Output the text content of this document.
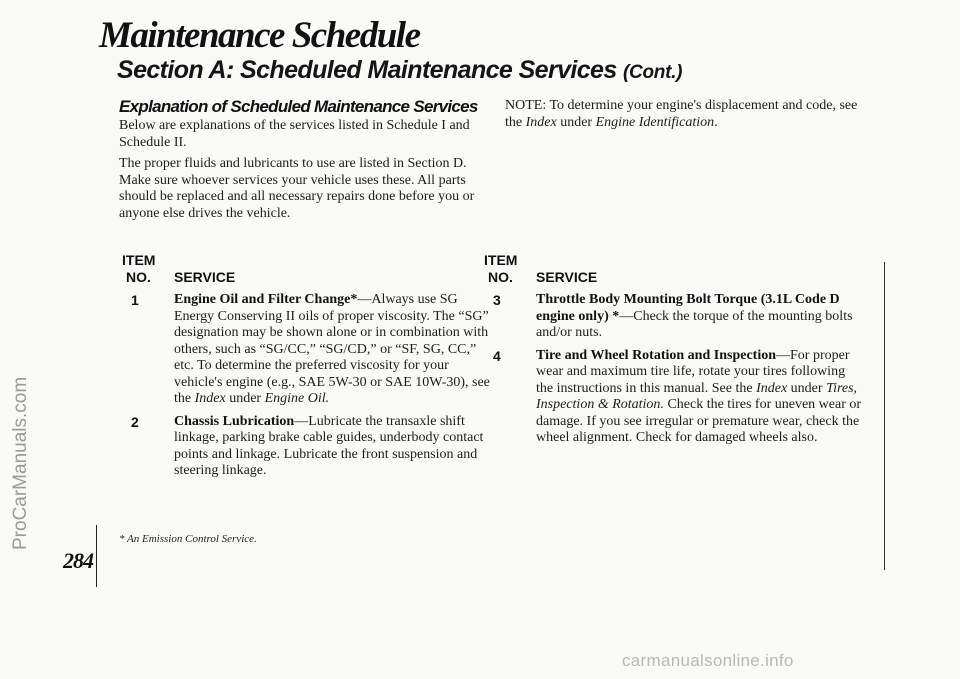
ProCarManuals.com
Maintenance Schedule
Section A: Scheduled Maintenance Services (Cont.)
Explanation of Scheduled Maintenance Services

Below are explanations of the services listed in Schedule I and Schedule II.

The proper fluids and lubricants to use are listed in Section D. Make sure whoever services your vehicle uses these. All parts should be replaced and all necessary repairs done before you or anyone else drives the vehicle.

NOTE: To determine your engine's displacement and code, see the Index under Engine Identification.

ITEM
NO.	SERVICE
1	Engine Oil and Filter Change*—Always use SG Energy Conserving II oils of proper viscosity. The “SG” designation may be shown alone or in combination with others, such as “SG/CC,” “SG/CD,” or “SF, SG, CC,” etc. To determine the preferred viscosity for your vehicle's engine (e.g., SAE 5W-30 or SAE 10W-30), see the Index under Engine Oil.
2	Chassis Lubrication—Lubricate the transaxle shift linkage, parking brake cable guides, underbody contact points and linkage. Lubricate the front suspension and steering linkage.
ITEM
NO.	SERVICE
3	Throttle Body Mounting Bolt Torque (3.1L Code D engine only) *—Check the torque of the mounting bolts and/or nuts.
4	Tire and Wheel Rotation and Inspection—For proper wear and maximum tire life, rotate your tires following the instructions in this manual. See the Index under Tires, Inspection & Rotation. Check the tires for uneven wear or damage. If you see irregular or premature wear, check the wheel alignment. Check for damaged wheels also.
* An Emission Control Service.
284
carmanualsonline.info
